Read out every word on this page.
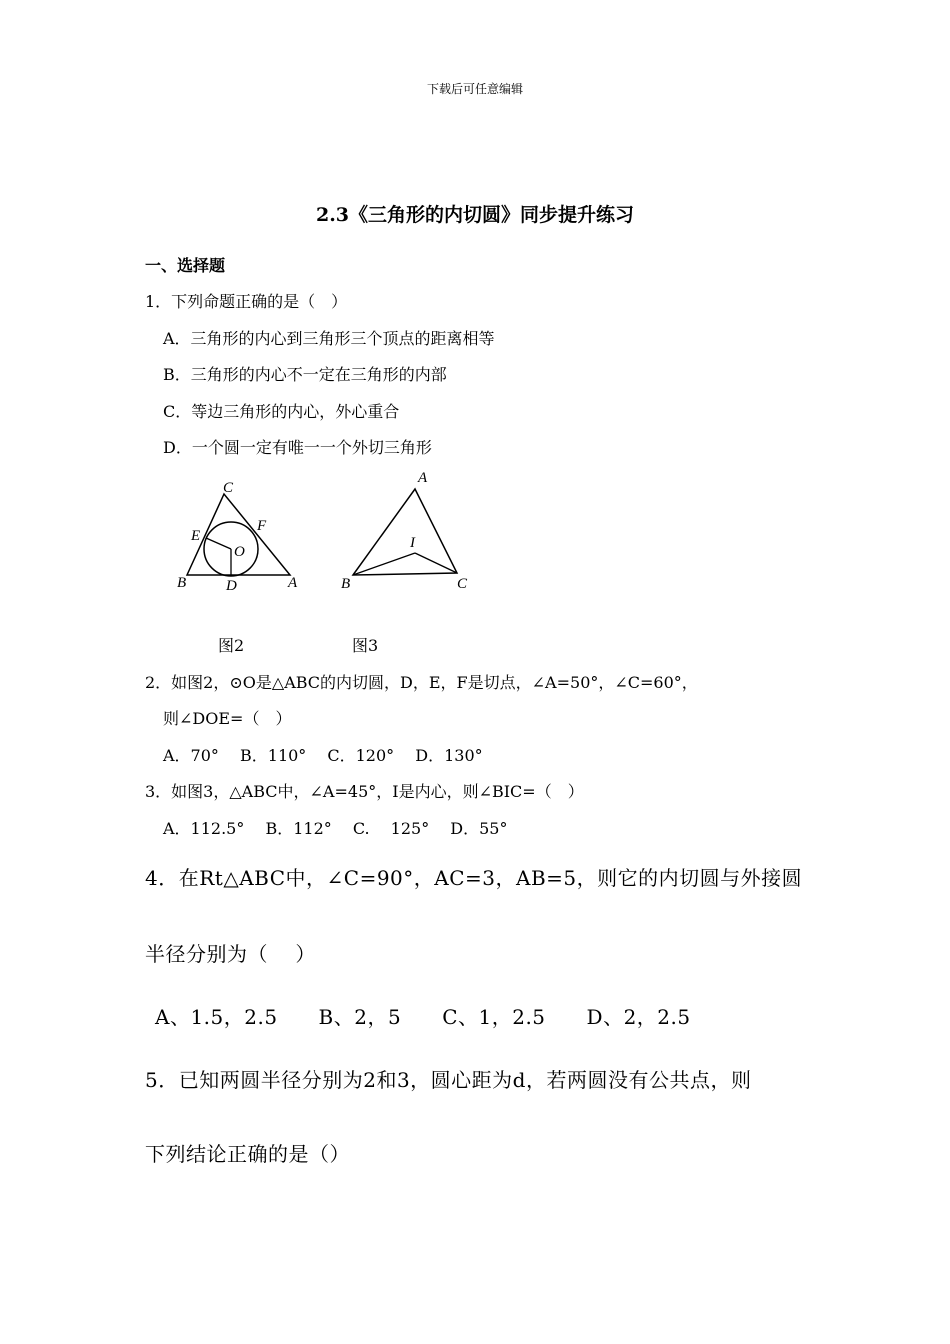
下载后可任意编辑
2.3《三角形的内切圆》同步提升练习
一、选择题
1．下列命题正确的是（　）
A．三角形的内心到三角形三个顶点的距离相等
B．三角形的内心不一定在三角形的内部
C．等边三角形的内心，外心重合
D．一个圆一定有唯一一个外切三角形
C
E
F
O
B	D	A
A
I
B	C
图2	图3
2．如图2，⊙O是△ABC的内切圆，D，E，F是切点，∠A=50°，∠C=60°，
则∠DOE=（　）
A．70°　 B．110°　 C．120°　 D．130°
3．如图3，△ABC中，∠A=45°，I是内心，则∠BIC=（　）
A．112.5°　 B．112°　 C.　 125°　 D．55°
4．在Rt△ABC中，∠C=90°，AC=3，AB=5，则它的内切圆与外接圆
半径分别为（　 ）
A、1.5，2.5　　B、2，5　　C、1，2.5　　D、2，2.5
5．已知两圆半径分别为2和3，圆心距为d，若两圆没有公共点，则
下列结论正确的是（）
